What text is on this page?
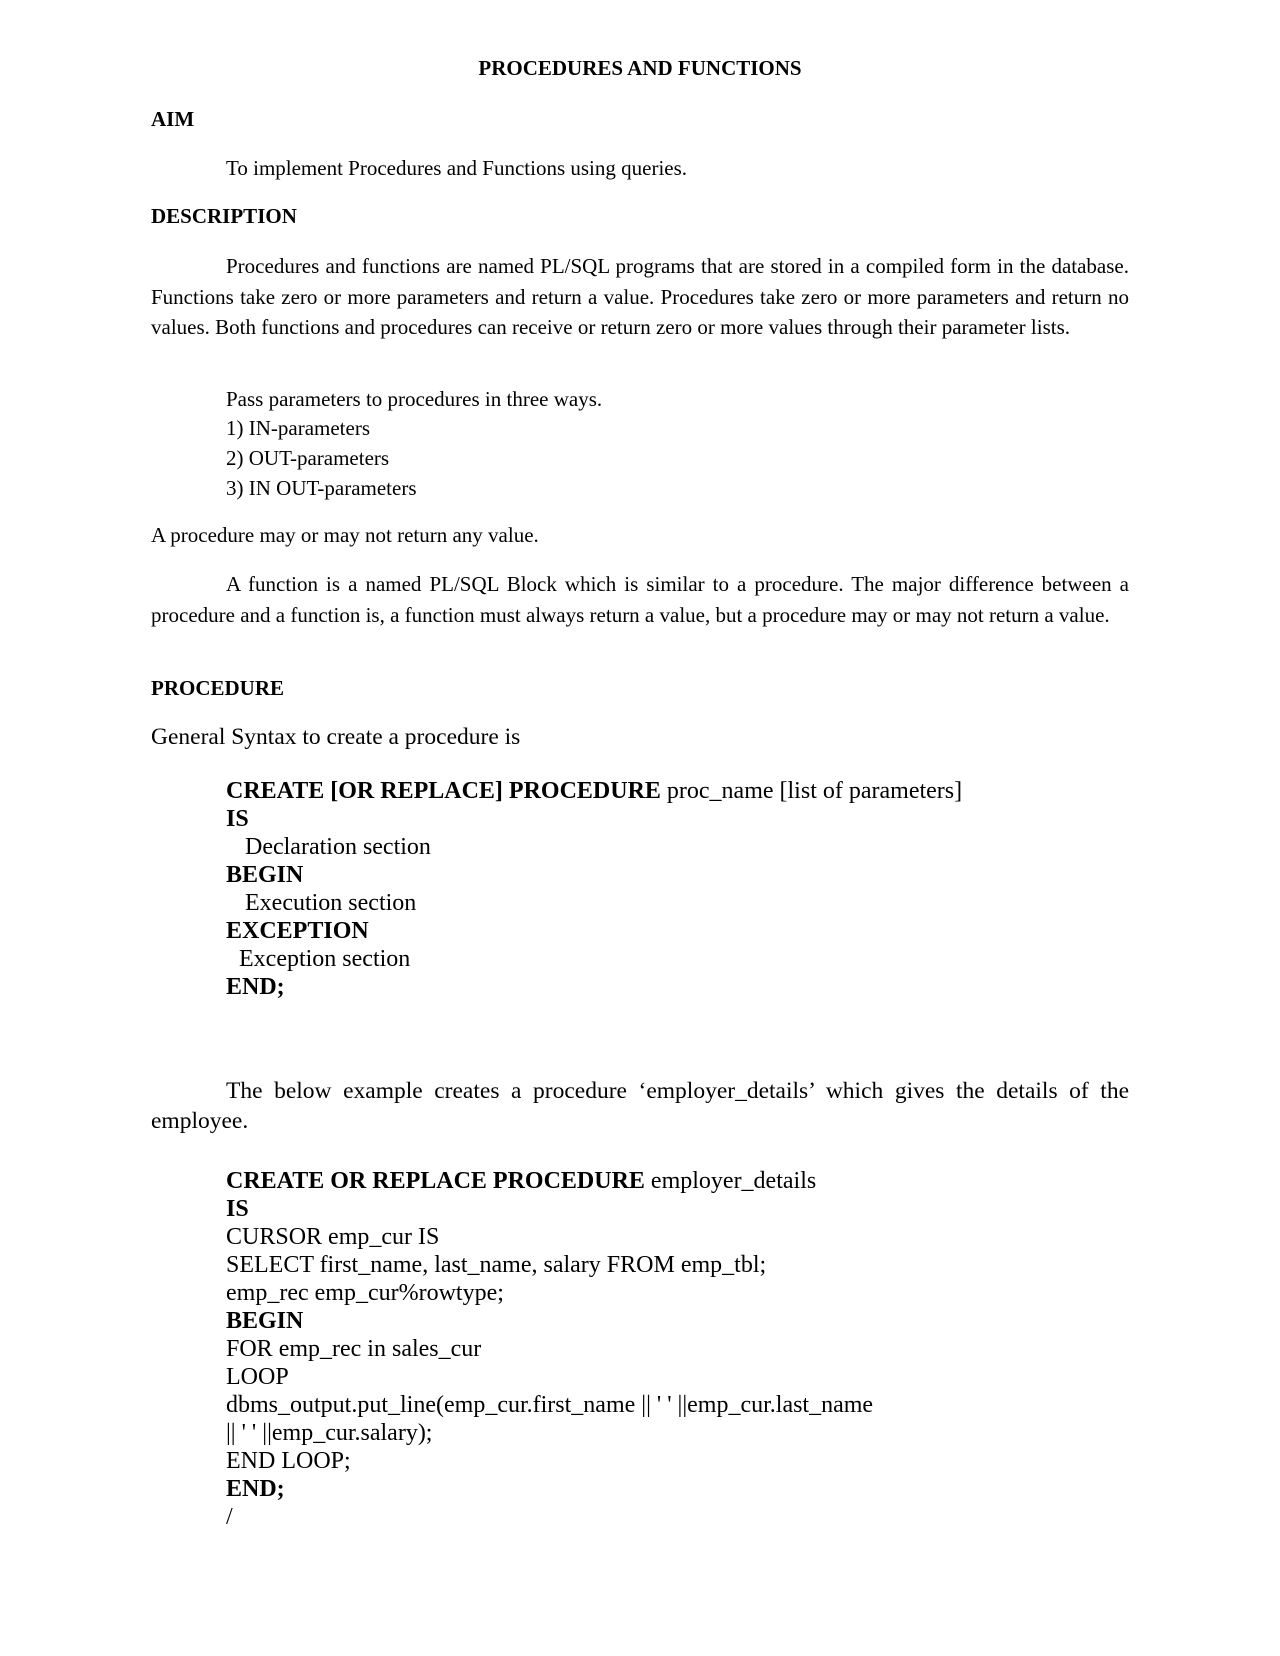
PROCEDURES AND FUNCTIONS
AIM
To implement Procedures and Functions using queries.
DESCRIPTION

Procedures and functions are named PL/SQL programs that are stored in a compiled form in the database. Functions take zero or more parameters and return a value. Procedures take zero or more parameters and return no values. Both functions and procedures can receive or return zero or more values through their parameter lists.

Pass parameters to procedures in three ways.
1) IN-parameters
2) OUT-parameters
3) IN OUT-parameters
A procedure may or may not return any value.

A function is a named PL/SQL Block which is similar to a procedure. The major difference between a procedure and a function is, a function must always return a value, but a procedure may or may not return a value.

PROCEDURE
General Syntax to create a procedure is
CREATE [OR REPLACE] PROCEDURE proc_name [list of parameters]
IS
Declaration section
BEGIN
Execution section
EXCEPTION
Exception section
END;

The below example creates a procedure ‘employer_details’ which gives the details of the employee.

CREATE OR REPLACE PROCEDURE employer_details
IS
CURSOR emp_cur IS
SELECT first_name, last_name, salary FROM emp_tbl;
emp_rec emp_cur%rowtype;
BEGIN
FOR emp_rec in sales_cur
LOOP
dbms_output.put_line(emp_cur.first_name || ' ' ||emp_cur.last_name
|| ' ' ||emp_cur.salary);
END LOOP;
END;
/
